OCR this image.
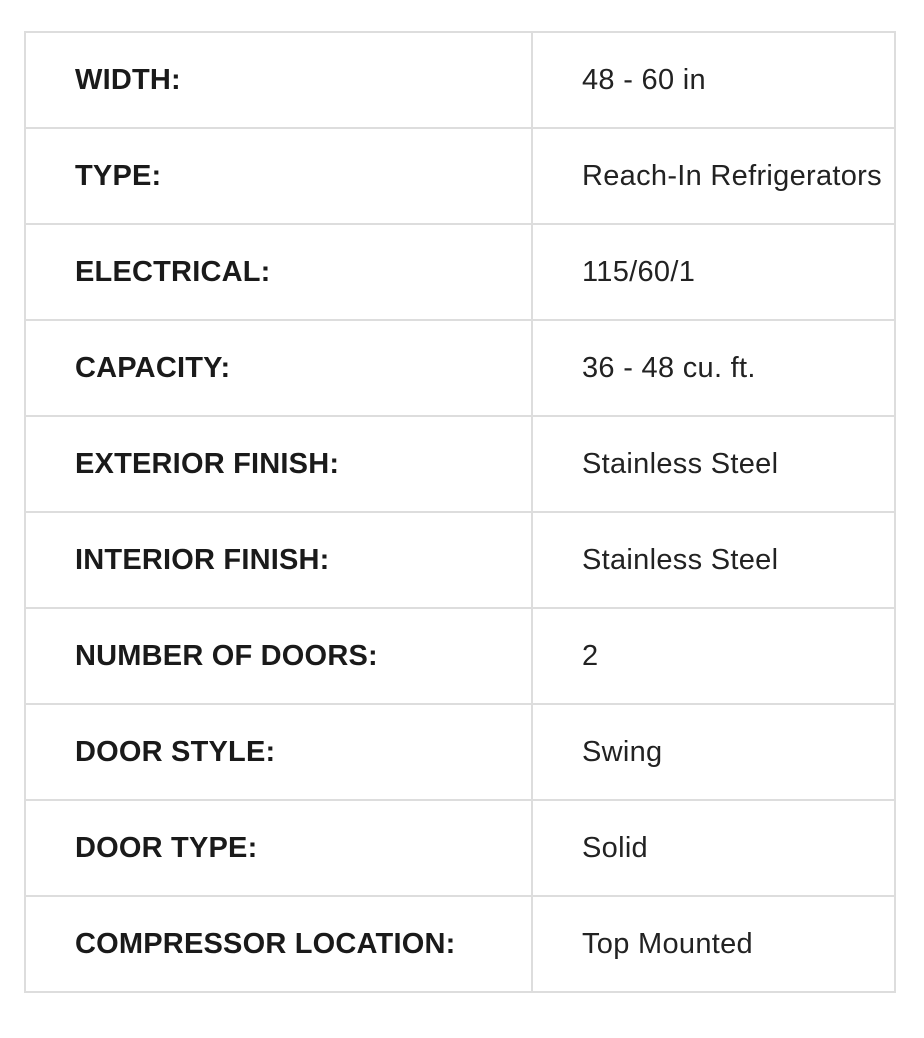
WIDTH:	48 - 60 in
TYPE:	Reach-In Refrigerators
ELECTRICAL:	115/60/1
CAPACITY:	36 - 48 cu. ft.
EXTERIOR FINISH:	Stainless Steel
INTERIOR FINISH:	Stainless Steel
NUMBER OF DOORS:	2
DOOR STYLE:	Swing
DOOR TYPE:	Solid
COMPRESSOR LOCATION:	Top Mounted
